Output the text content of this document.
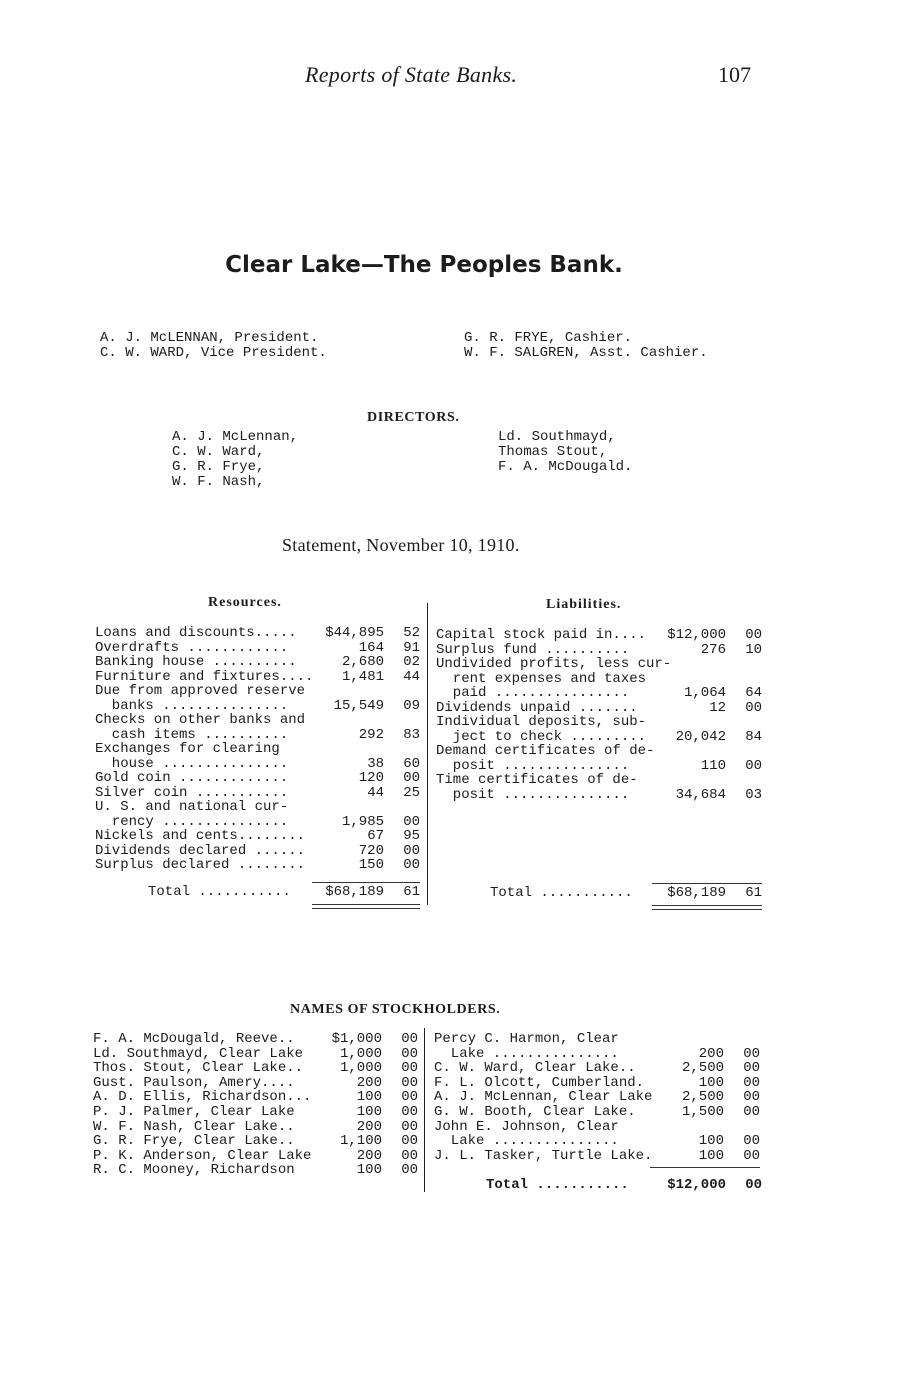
Reports of State Banks.	107
Clear Lake—The Peoples Bank.
A. J. McLENNAN, President.
C. W. WARD, Vice President.
G. R. FRYE, Cashier.
W. F. SALGREN, Asst. Cashier.
DIRECTORS.
A. J. McLennan,
C. W. Ward,
G. R. Frye,
W. F. Nash,
Ld. Southmayd,
Thomas Stout,
F. A. McDougald.
Statement, November 10, 1910.
Resources.	Liabilities.
Loans and discounts..... $44,895	52
Overdrafts ............	164	91
Banking house ..........	2,680	02
Furniture and fixtures.... 1,481	44
Due from approved reserve
banks ...............	15,549	09
Checks on other banks and
cash items ..........	292	83
Exchanges for clearing
house ...............	38	60
Gold coin .............	120	00
Silver coin ...........	44	25
U. S. and national cur-
rency ...............	1,985	00
Nickels and cents........	67	95
Dividends declared ......	720	00
Surplus declared ........	150	00
Total ........... $68,189	61
Capital stock paid in.... $12,000	00
Surplus fund ..........	276	10
Undivided profits, less cur-
rent expenses and taxes
paid ................	1,064	64
Dividends unpaid .......	12	00
Individual deposits, sub-
ject to check ......... 20,042	84
Demand certificates of de-
posit ...............	110	00
Time certificates of de-
posit ...............	34,684	03
Total ........... $68,189	61
NAMES OF STOCKHOLDERS.
F. A. McDougald, Reeve..	$1,000	00
Ld. Southmayd, Clear Lake	1,000	00
Thos. Stout, Clear Lake..	1,000	00
Gust. Paulson, Amery....	200	00
A. D. Ellis, Richardson...	100	00
P. J. Palmer, Clear Lake	100	00
W. F. Nash, Clear Lake..	200	00
G. R. Frye, Clear Lake..	1,100	00
P. K. Anderson, Clear Lake	200	00
R. C. Mooney, Richardson	100	00
Percy C. Harmon, Clear
Lake ...............	200	00
C. W. Ward, Clear Lake..	2,500	00
F. L. Olcott, Cumberland.	100	00
A. J. McLennan, Clear Lake 2,500	00
G. W. Booth, Clear Lake.	1,500	00
John E. Johnson, Clear
Lake ...............	100	00
J. L. Tasker, Turtle Lake.	100	00
Total ...........	$12,000	00
